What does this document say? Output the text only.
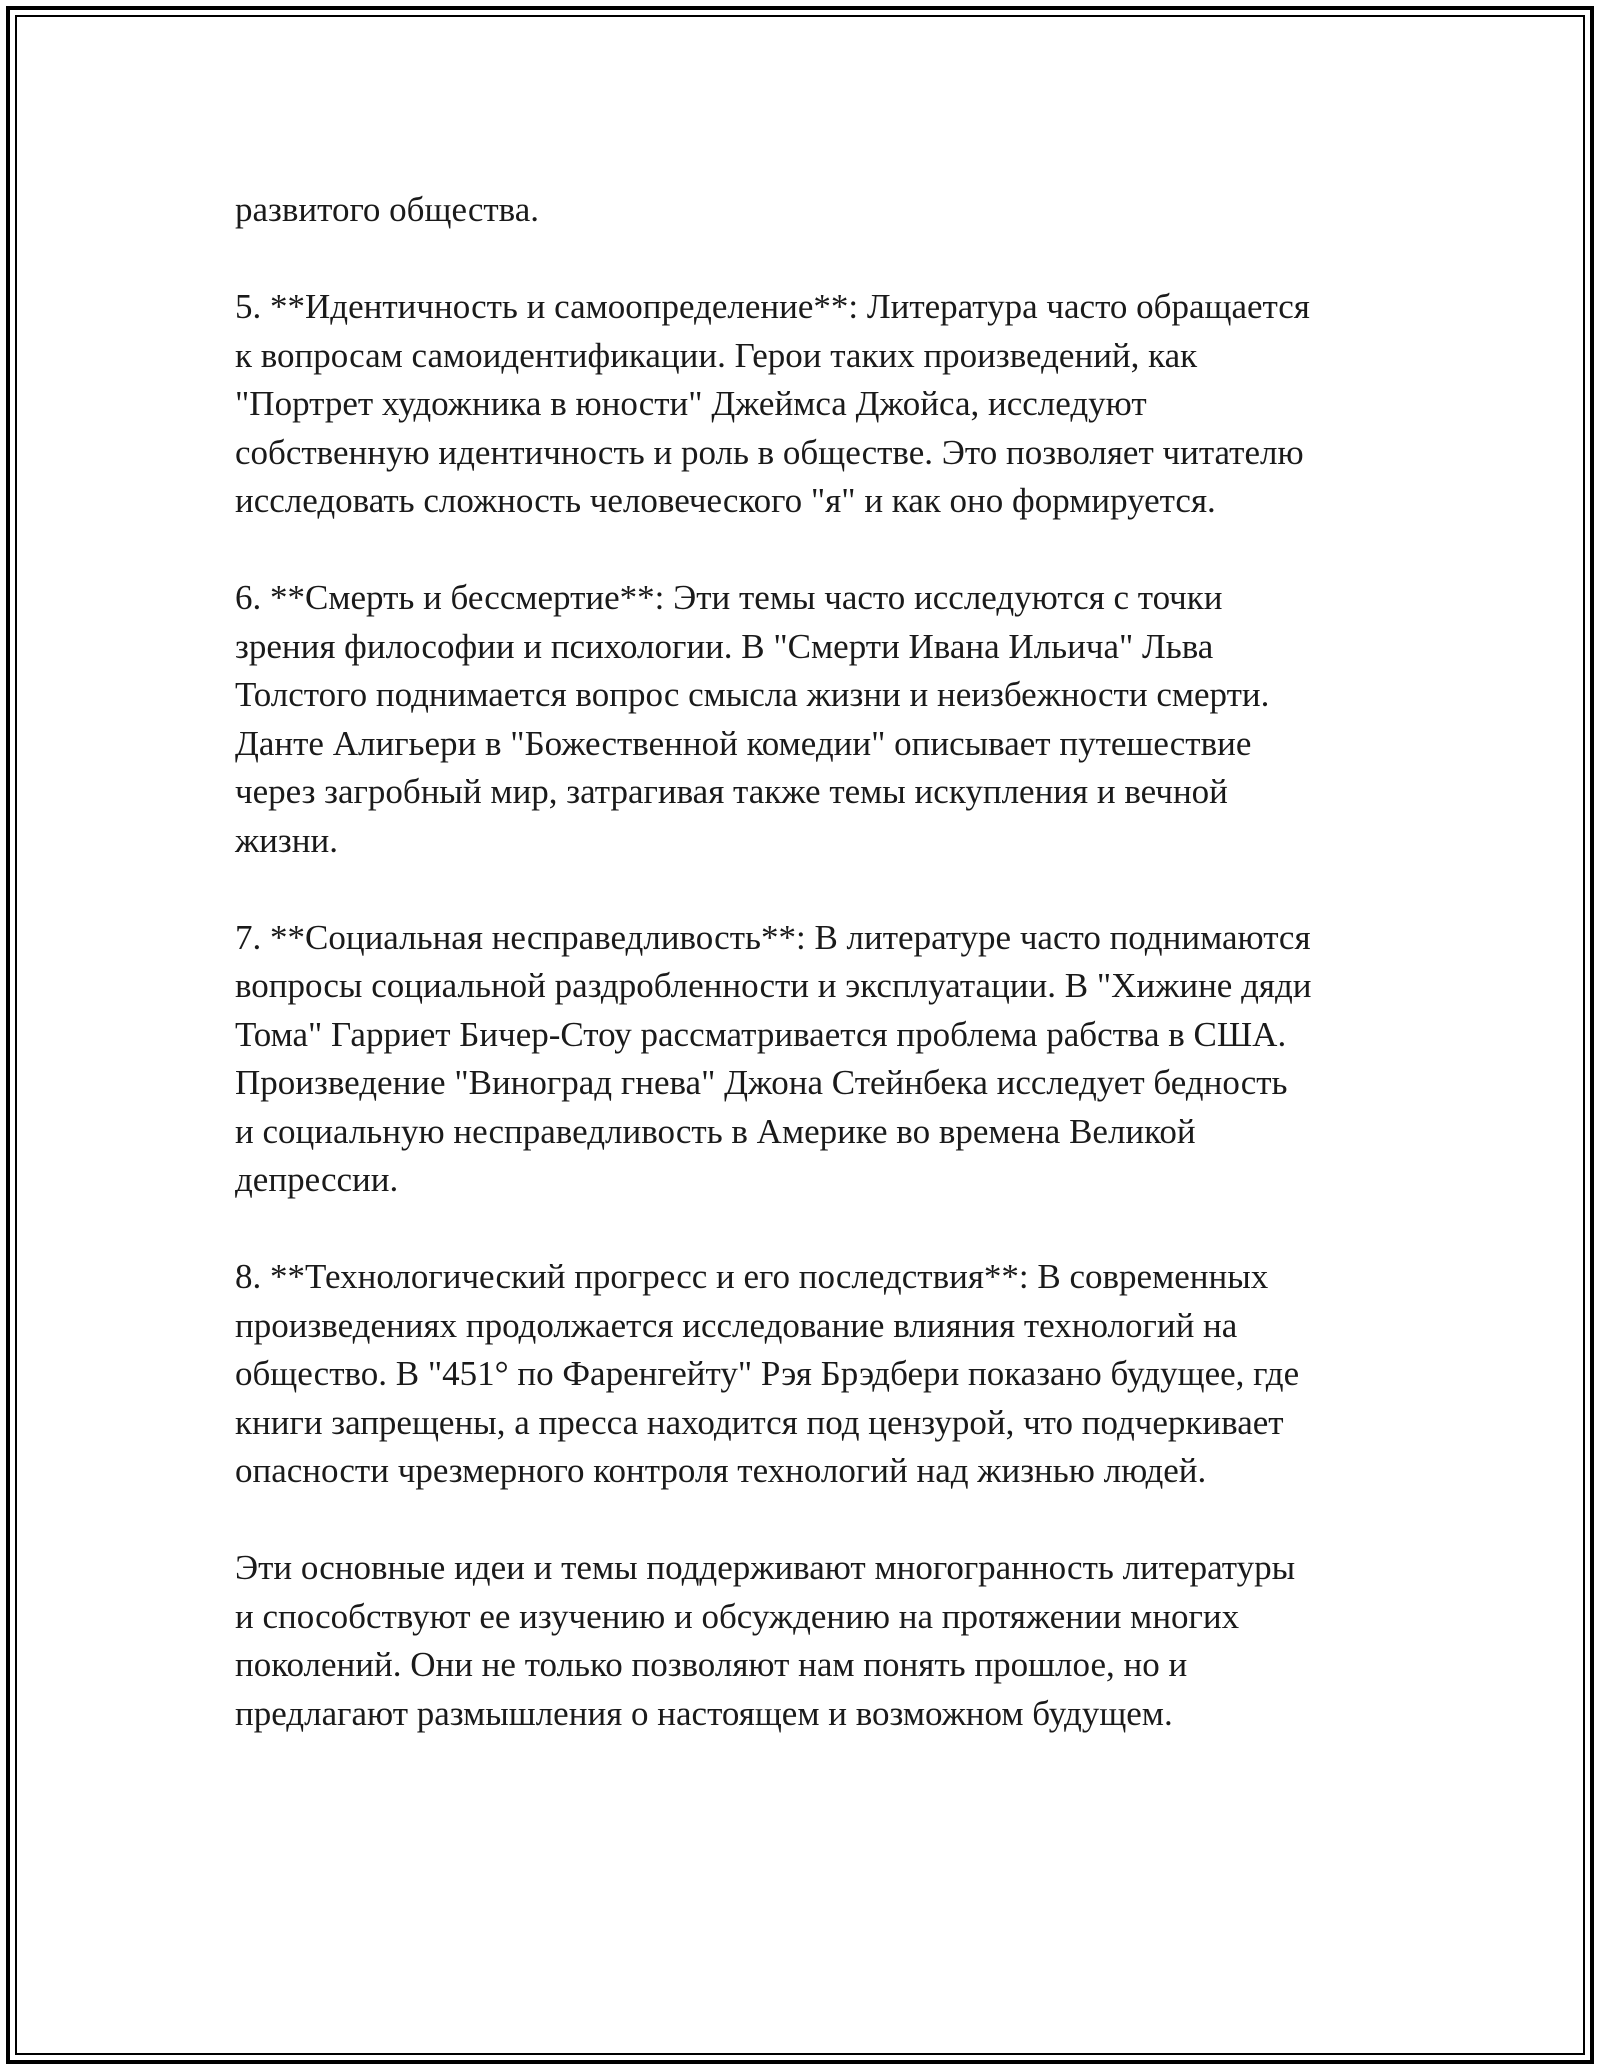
развитого общества.

5. **Идентичность и самоопределение**: Литература часто обращается
к вопросам самоидентификации. Герои таких произведений, как
"Портрет художника в юности" Джеймса Джойса, исследуют
собственную идентичность и роль в обществе. Это позволяет читателю
исследовать сложность человеческого "я" и как оно формируется.

6. **Смерть и бессмертие**: Эти темы часто исследуются с точки
зрения философии и психологии. В "Смерти Ивана Ильича" Льва
Толстого поднимается вопрос смысла жизни и неизбежности смерти.
Данте Алигьери в "Божественной комедии" описывает путешествие
через загробный мир, затрагивая также темы искупления и вечной
жизни.

7. **Социальная несправедливость**: В литературе часто поднимаются
вопросы социальной раздробленности и эксплуатации. В "Хижине дяди
Тома" Гарриет Бичер-Стоу рассматривается проблема рабства в США.
Произведение "Виноград гнева" Джона Стейнбека исследует бедность
и социальную несправедливость в Америке во времена Великой
депрессии.

8. **Технологический прогресс и его последствия**: В современных
произведениях продолжается исследование влияния технологий на
общество. В "451° по Фаренгейту" Рэя Брэдбери показано будущее, где
книги запрещены, а пресса находится под цензурой, что подчеркивает
опасности чрезмерного контроля технологий над жизнью людей.

Эти основные идеи и темы поддерживают многогранность литературы
и способствуют ее изучению и обсуждению на протяжении многих
поколений. Они не только позволяют нам понять прошлое, но и
предлагают размышления о настоящем и возможном будущем.
